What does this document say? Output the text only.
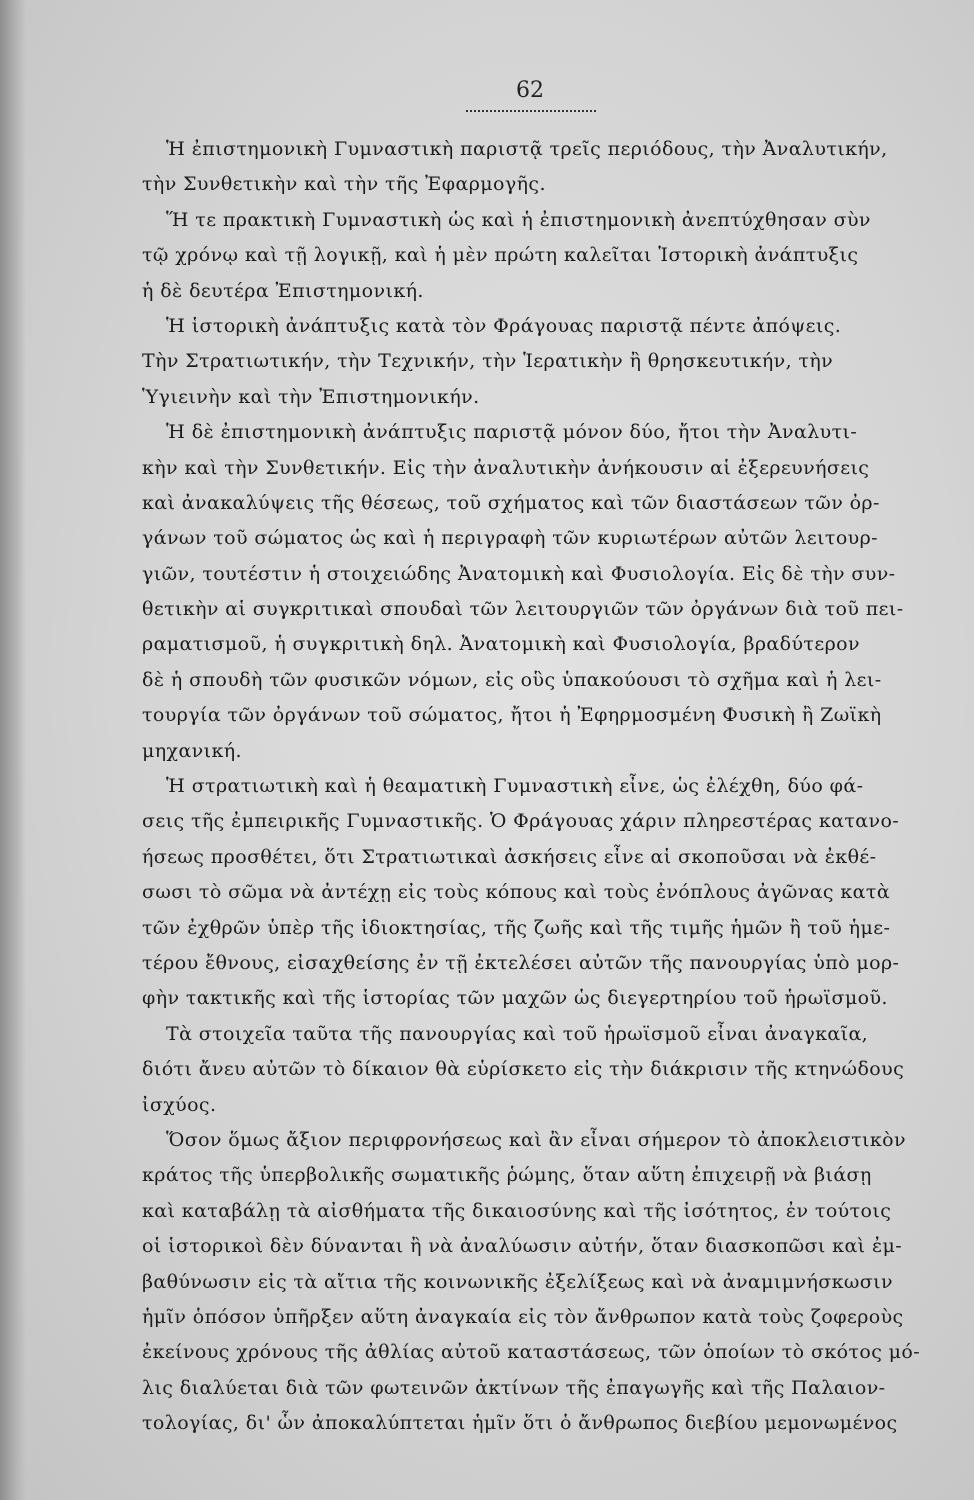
62
Ἡ ἐπιστημονικὴ Γυμναστικὴ παριστᾷ τρεῖς περιόδους, τὴν Ἀναλυτικήν,
τὴν Συνθετικὴν καὶ τὴν τῆς Ἐφαρμογῆς.
Ἥ τε πρακτικὴ Γυμναστικὴ ὡς καὶ ἡ ἐπιστημονικὴ ἀνεπτύχθησαν σὺν
τῷ χρόνῳ καὶ τῇ λογικῇ, καὶ ἡ μὲν πρώτη καλεῖται Ἱστορικὴ ἀνάπτυξις
ἡ δὲ δευτέρα Ἐπιστημονική.
Ἡ ἱστορικὴ ἀνάπτυξις κατὰ τὸν Φράγουας παριστᾷ πέντε ἀπόψεις.
Τὴν Στρατιωτικήν, τὴν Τεχνικήν, τὴν Ἱερατικὴν ἢ θρησκευτικήν, τὴν
Ὑγιεινὴν καὶ τὴν Ἐπιστημονικήν.
Ἡ δὲ ἐπιστημονικὴ ἀνάπτυξις παριστᾷ μόνον δύο, ἤτοι τὴν Ἀναλυτι-
κὴν καὶ τὴν Συνθετικήν. Εἰς τὴν ἀναλυτικὴν ἀνήκουσιν αἱ ἐξερευνήσεις
καὶ ἀνακαλύψεις τῆς θέσεως, τοῦ σχήματος καὶ τῶν διαστάσεων τῶν ὀρ-
γάνων τοῦ σώματος ὡς καὶ ἡ περιγραφὴ τῶν κυριωτέρων αὐτῶν λειτουρ-
γιῶν, τουτέστιν ἡ στοιχειώδης Ἀνατομικὴ καὶ Φυσιολογία. Εἰς δὲ τὴν συν-
θετικὴν αἱ συγκριτικαὶ σπουδαὶ τῶν λειτουργιῶν τῶν ὀργάνων διὰ τοῦ πει-
ραματισμοῦ, ἡ συγκριτικὴ δηλ. Ἀνατομικὴ καὶ Φυσιολογία, βραδύτερον
δὲ ἡ σπουδὴ τῶν φυσικῶν νόμων, εἰς οὓς ὑπακούουσι τὸ σχῆμα καὶ ἡ λει-
τουργία τῶν ὀργάνων τοῦ σώματος, ἤτοι ἡ Ἐφηρμοσμένη Φυσικὴ ἢ Ζωϊκὴ
μηχανική.
Ἡ στρατιωτικὴ καὶ ἡ θεαματικὴ Γυμναστικὴ εἶνε, ὡς ἐλέχθη, δύο φά-
σεις τῆς ἐμπειρικῆς Γυμναστικῆς. Ὁ Φράγουας χάριν πληρεστέρας κατανο-
ήσεως προσθέτει, ὅτι Στρατιωτικαὶ ἀσκήσεις εἶνε αἱ σκοποῦσαι νὰ ἐκθέ-
σωσι τὸ σῶμα νὰ ἀντέχῃ εἰς τοὺς κόπους καὶ τοὺς ἐνόπλους ἀγῶνας κατὰ
τῶν ἐχθρῶν ὑπὲρ τῆς ἰδιοκτησίας, τῆς ζωῆς καὶ τῆς τιμῆς ἡμῶν ἢ τοῦ ἡμε-
τέρου ἔθνους, εἰσαχθείσης ἐν τῇ ἐκτελέσει αὐτῶν τῆς πανουργίας ὑπὸ μορ-
φὴν τακτικῆς καὶ τῆς ἱστορίας τῶν μαχῶν ὡς διεγερτηρίου τοῦ ἡρωϊσμοῦ.
Τὰ στοιχεῖα ταῦτα τῆς πανουργίας καὶ τοῦ ἡρωϊσμοῦ εἶναι ἀναγκαῖα,
διότι ἄνευ αὐτῶν τὸ δίκαιον θὰ εὑρίσκετο εἰς τὴν διάκρισιν τῆς κτηνώδους
ἰσχύος.
Ὅσον ὅμως ἄξιον περιφρονήσεως καὶ ἂν εἶναι σήμερον τὸ ἀποκλειστικὸν
κράτος τῆς ὑπερβολικῆς σωματικῆς ῥώμης, ὅταν αὕτη ἐπιχειρῇ νὰ βιάσῃ
καὶ καταβάλῃ τὰ αἰσθήματα τῆς δικαιοσύνης καὶ τῆς ἰσότητος, ἐν τούτοις
οἱ ἱστορικοὶ δὲν δύνανται ἢ νὰ ἀναλύωσιν αὐτήν, ὅταν διασκοπῶσι καὶ ἐμ-
βαθύνωσιν εἰς τὰ αἴτια τῆς κοινωνικῆς ἐξελίξεως καὶ νὰ ἀναμιμνήσκωσιν
ἡμῖν ὁπόσον ὑπῆρξεν αὕτη ἀναγκαία εἰς τὸν ἄνθρωπον κατὰ τοὺς ζοφεροὺς
ἐκείνους χρόνους τῆς ἀθλίας αὐτοῦ καταστάσεως, τῶν ὁποίων τὸ σκότος μό-
λις διαλύεται διὰ τῶν φωτεινῶν ἀκτίνων τῆς ἐπαγωγῆς καὶ τῆς Παλαιον-
τολογίας, δι' ὧν ἀποκαλύπτεται ἡμῖν ὅτι ὁ ἄνθρωπος διεβίου μεμονωμένος
